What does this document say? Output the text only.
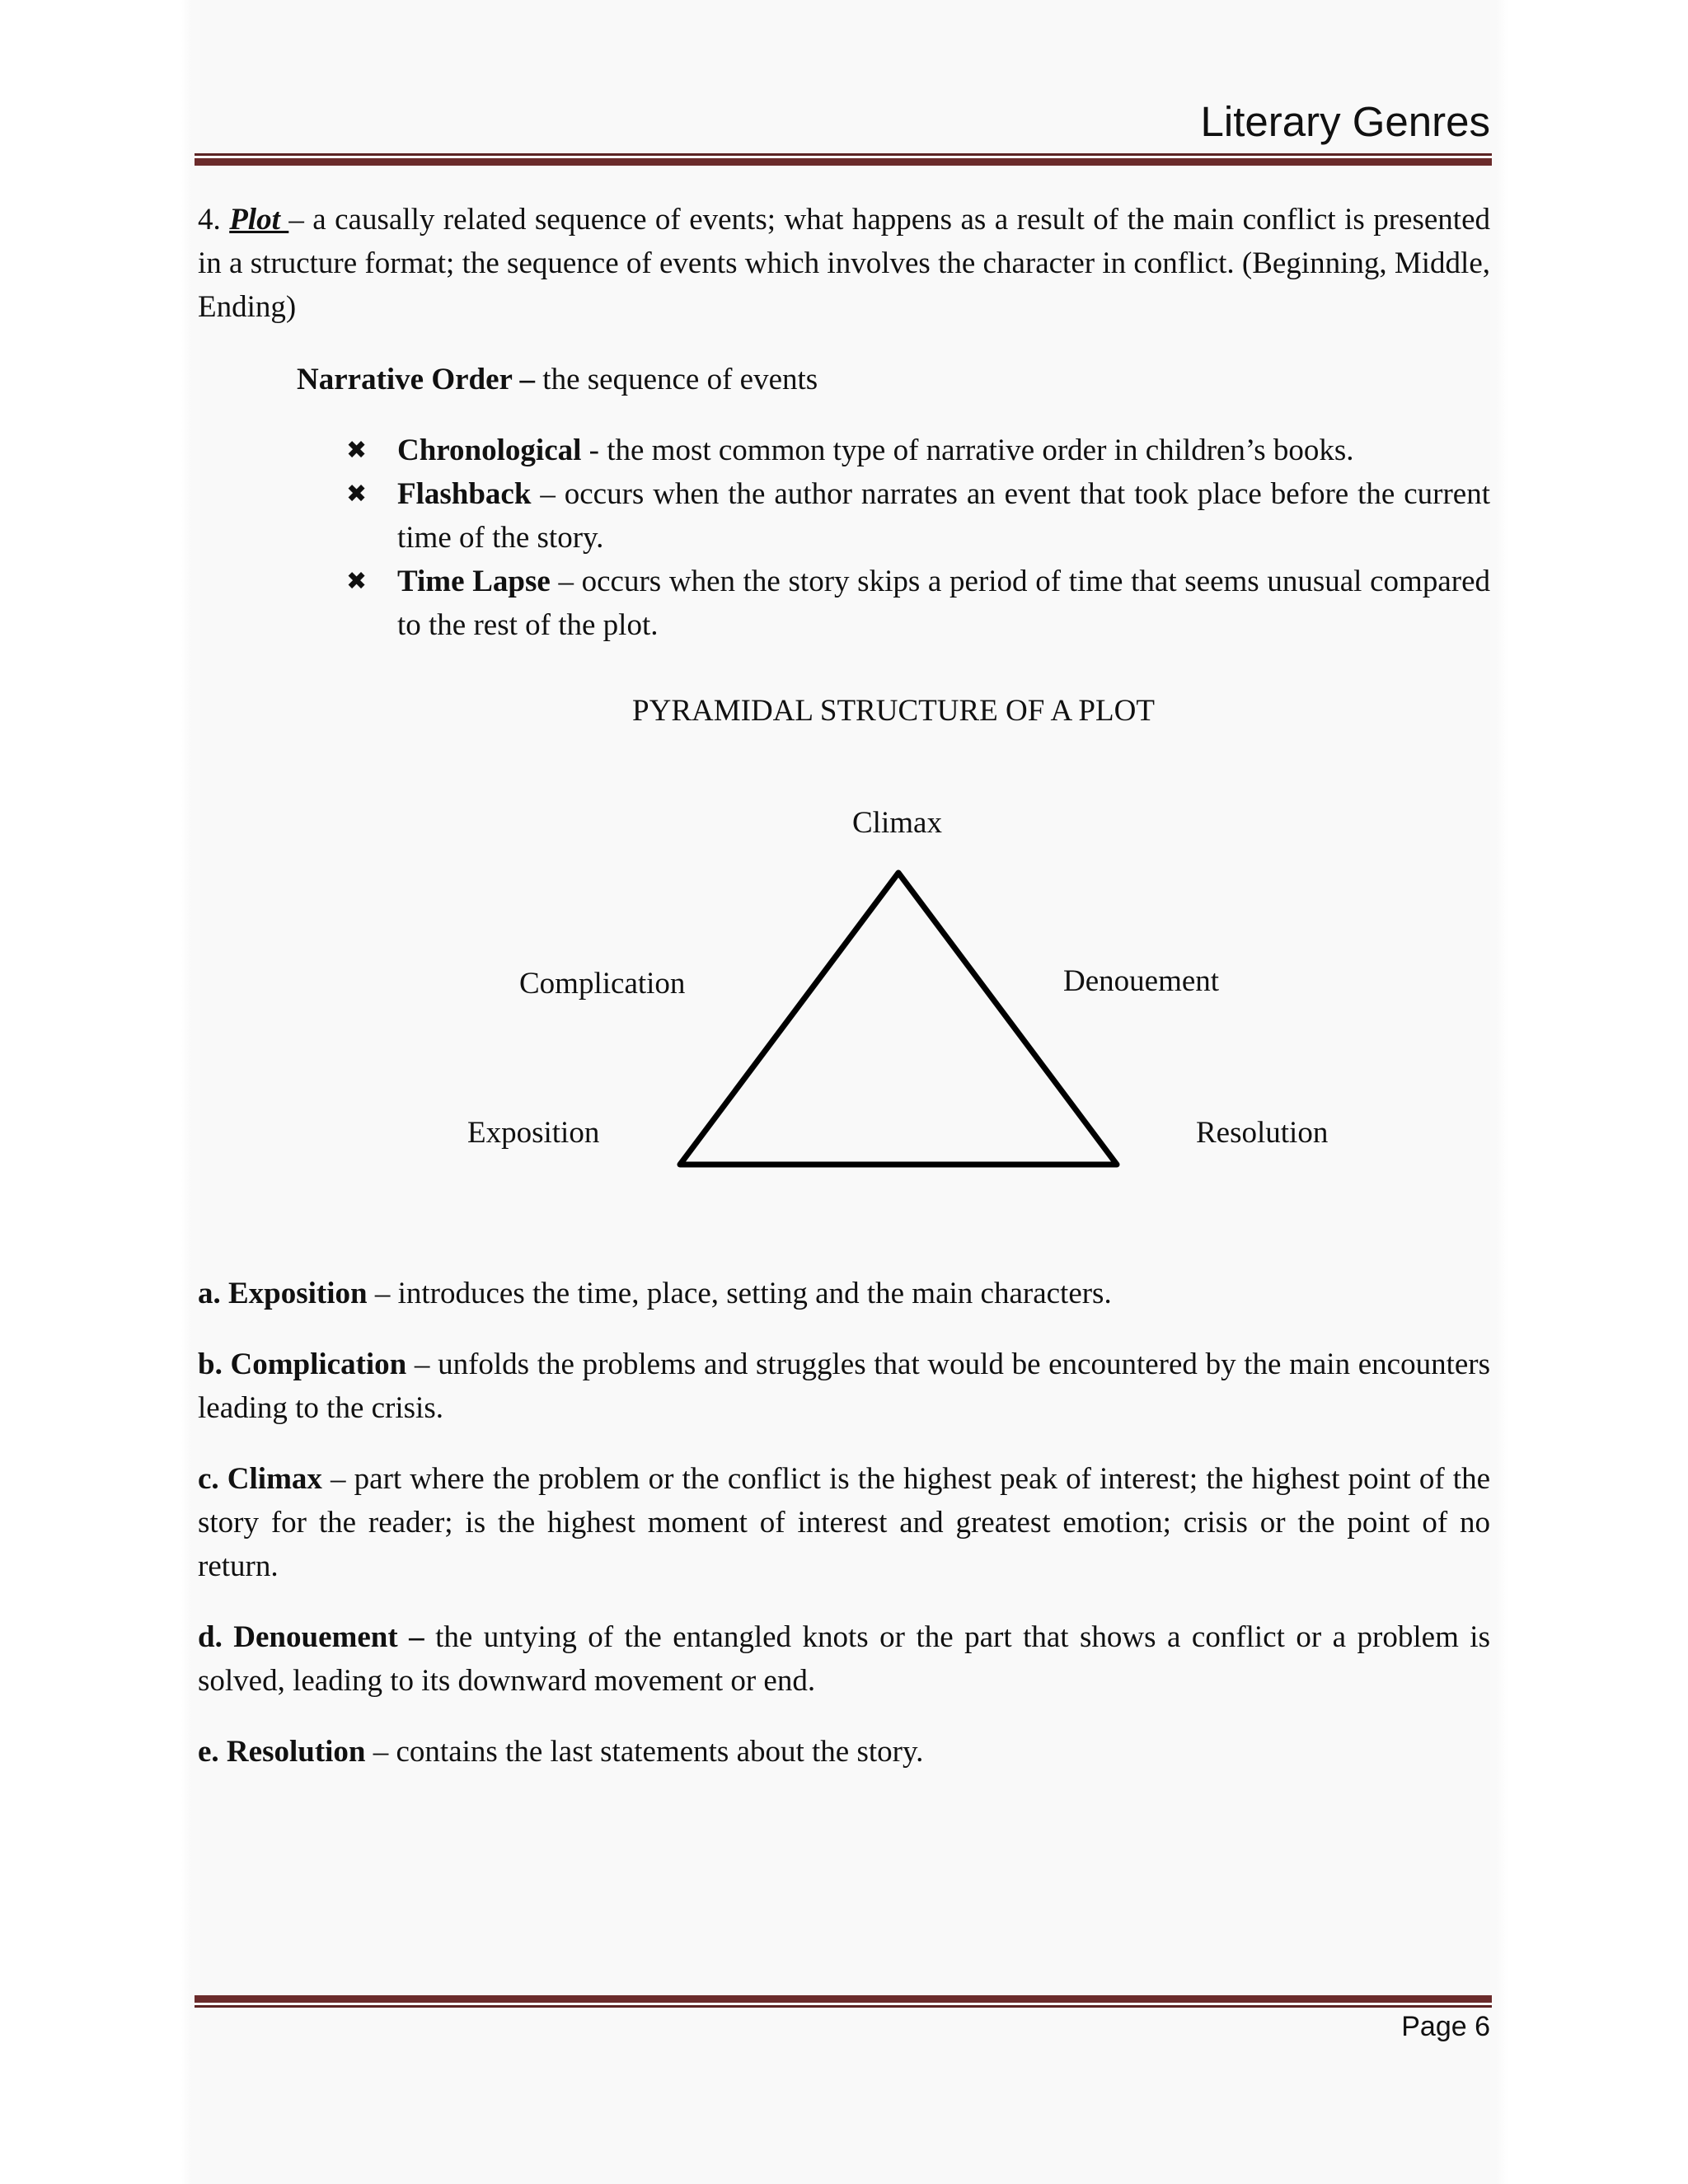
Literary Genres
4. Plot – a causally related sequence of events; what happens as a result of the main conflict is presented in a structure format; the sequence of events which involves the character in conflict. (Beginning, Middle, Ending)
Narrative Order – the sequence of events
✖ Chronological - the most common type of narrative order in children’s books.
✖ Flashback – occurs when the author narrates an event that took place before the current time of the story.
✖ Time Lapse – occurs when the story skips a period of time that seems unusual compared to the rest of the plot.
PYRAMIDAL STRUCTURE OF A PLOT
Climax
Complication	Denouement
Exposition	Resolution
a. Exposition – introduces the time, place, setting and the main characters.
b. Complication – unfolds the problems and struggles that would be encountered by the main encounters leading to the crisis.
c. Climax – part where the problem or the conflict is the highest peak of interest; the highest point of the story for the reader; is the highest moment of interest and greatest emotion; crisis or the point of no return.
d. Denouement – the untying of the entangled knots or the part that shows a conflict or a problem is solved, leading to its downward movement or end.
e. Resolution – contains the last statements about the story.
Page 6
